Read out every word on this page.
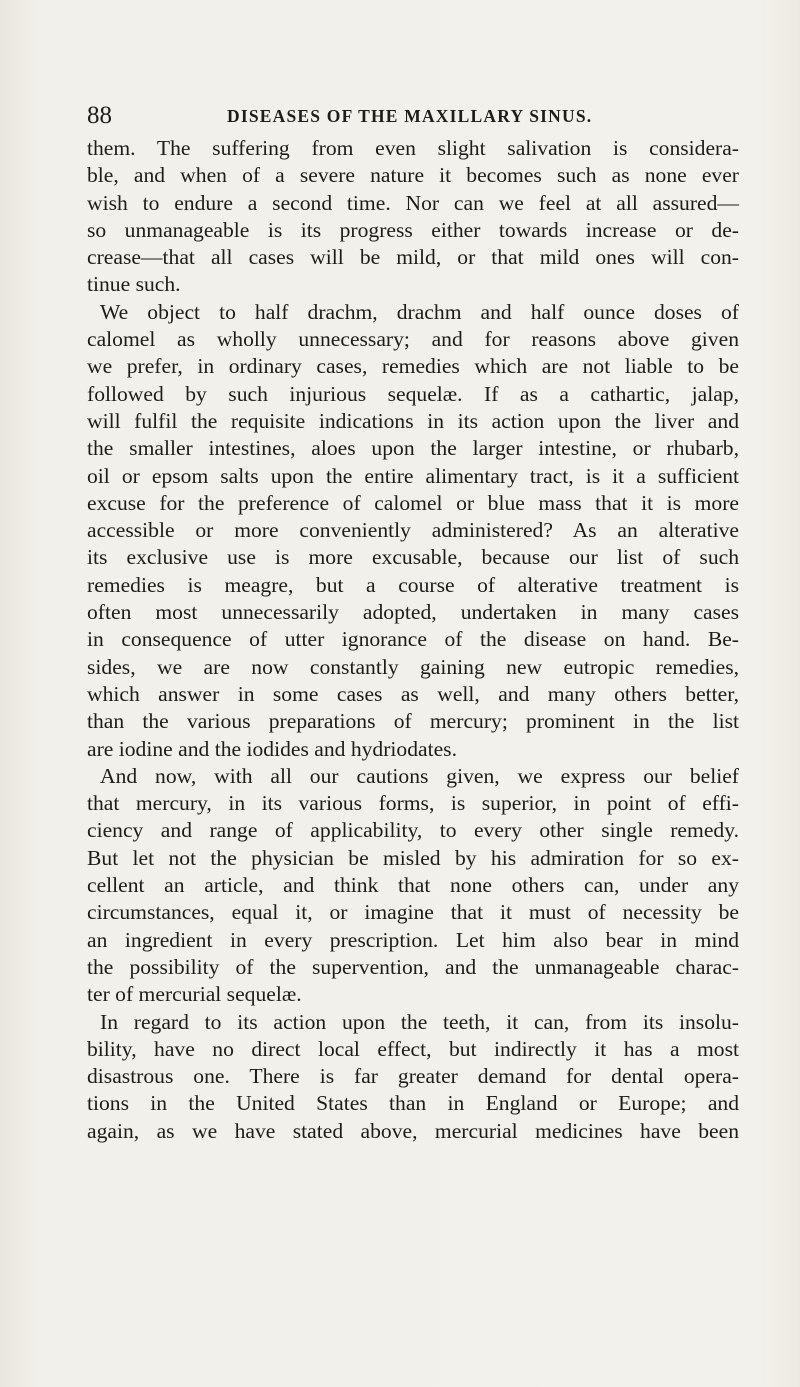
88	DISEASES OF THE MAXILLARY SINUS.
them. The suffering from even slight salivation is considera-
ble, and when of a severe nature it becomes such as none ever
wish to endure a second time. Nor can we feel at all assured—
so unmanageable is its progress either towards increase or de-
crease—that all cases will be mild, or that mild ones will con-
tinue such.
We object to half drachm, drachm and half ounce doses of
calomel as wholly unnecessary; and for reasons above given
we prefer, in ordinary cases, remedies which are not liable to be
followed by such injurious sequelæ. If as a cathartic, jalap,
will fulfil the requisite indications in its action upon the liver and
the smaller intestines, aloes upon the larger intestine, or rhubarb,
oil or epsom salts upon the entire alimentary tract, is it a sufficient
excuse for the preference of calomel or blue mass that it is more
accessible or more conveniently administered? As an alterative
its exclusive use is more excusable, because our list of such
remedies is meagre, but a course of alterative treatment is
often most unnecessarily adopted, undertaken in many cases
in consequence of utter ignorance of the disease on hand. Be-
sides, we are now constantly gaining new eutropic remedies,
which answer in some cases as well, and many others better,
than the various preparations of mercury; prominent in the list
are iodine and the iodides and hydriodates.
And now, with all our cautions given, we express our belief
that mercury, in its various forms, is superior, in point of effi-
ciency and range of applicability, to every other single remedy.
But let not the physician be misled by his admiration for so ex-
cellent an article, and think that none others can, under any
circumstances, equal it, or imagine that it must of necessity be
an ingredient in every prescription. Let him also bear in mind
the possibility of the supervention, and the unmanageable charac-
ter of mercurial sequelæ.
In regard to its action upon the teeth, it can, from its insolu-
bility, have no direct local effect, but indirectly it has a most
disastrous one. There is far greater demand for dental opera-
tions in the United States than in England or Europe; and
again, as we have stated above, mercurial medicines have been
